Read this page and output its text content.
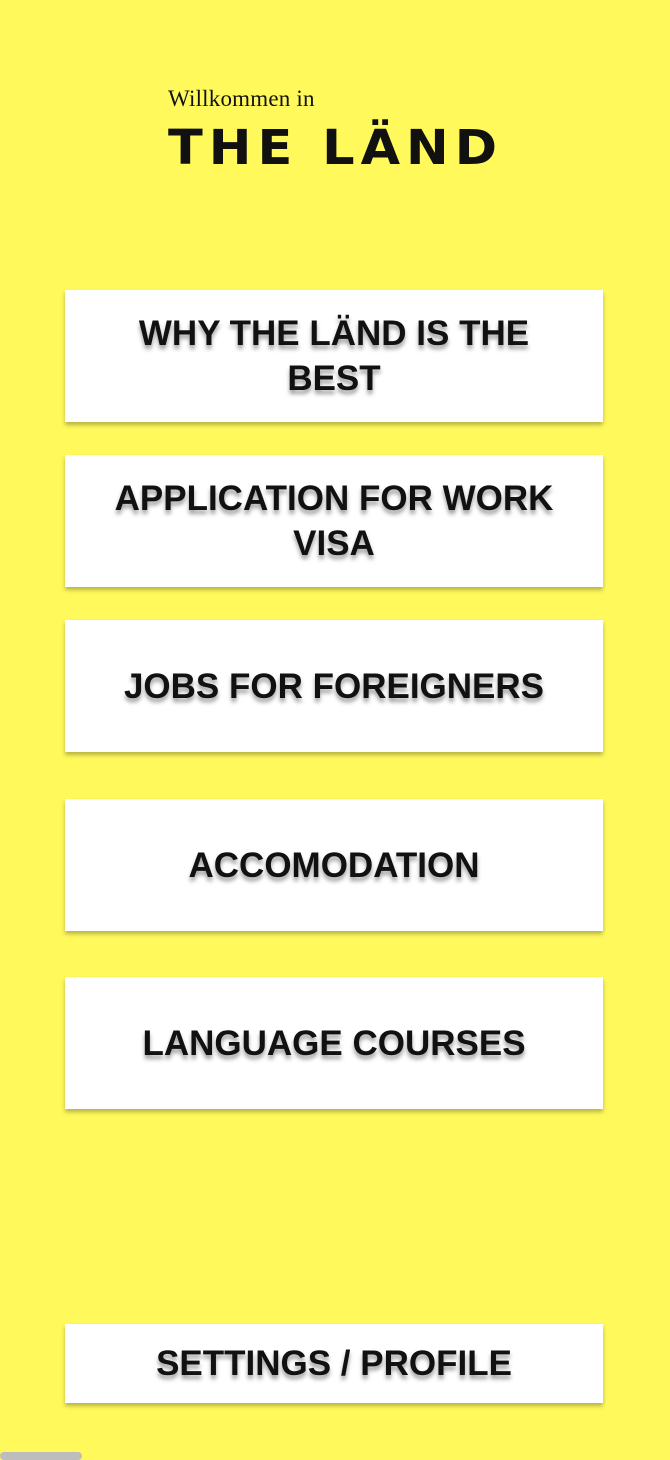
Willkommen in
THE LÄND
WHY THE LÄND IS THE BEST
APPLICATION FOR WORK VISA
JOBS FOR FOREIGNERS
ACCOMODATION
LANGUAGE COURSES
SETTINGS / PROFILE
